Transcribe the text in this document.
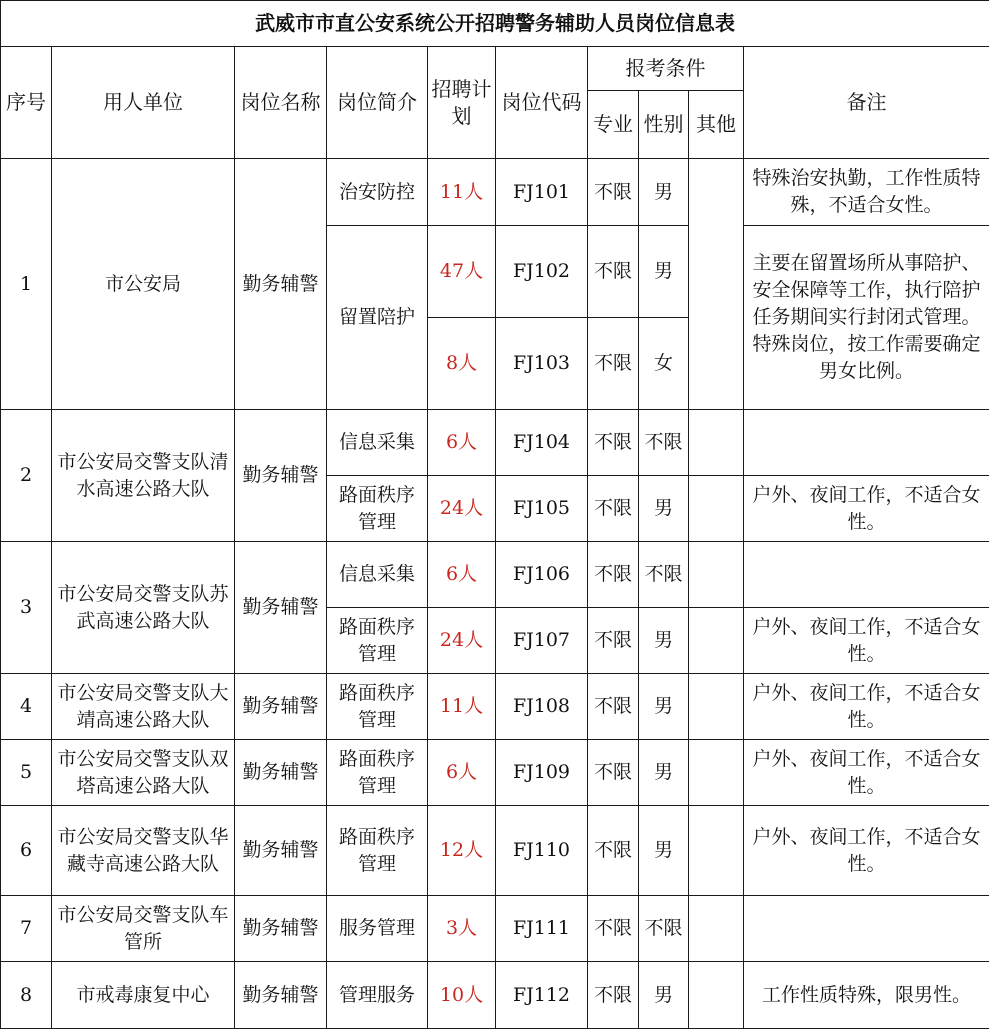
武威市市直公安系统公开招聘警务辅助人员岗位信息表									
序号	用人单位	岗位名称	岗位简介	招聘计划	岗位代码	报考条件			备注
						专业	性别	其他	
1	市公安局	勤务辅警	治安防控	11人	FJ101	不限	男		特殊治安执勤，工作性质特殊，不适合女性。
			留置陪护	47人	FJ102	不限	男		主要在留置场所从事陪护、安全保障等工作，执行陪护任务期间实行封闭式管理。特殊岗位，按工作需要确定男女比例。
				8人	FJ103	不限	女		
2	市公安局交警支队清水高速公路大队	勤务辅警	信息采集	6人	FJ104	不限	不限		
			路面秩序管理	24人	FJ105	不限	男		户外、夜间工作，不适合女性。
3	市公安局交警支队苏武高速公路大队	勤务辅警	信息采集	6人	FJ106	不限	不限		
			路面秩序管理	24人	FJ107	不限	男		户外、夜间工作，不适合女性。
4	市公安局交警支队大靖高速公路大队	勤务辅警	路面秩序管理	11人	FJ108	不限	男		户外、夜间工作，不适合女性。
5	市公安局交警支队双塔高速公路大队	勤务辅警	路面秩序管理	6人	FJ109	不限	男		户外、夜间工作，不适合女性。
6	市公安局交警支队华藏寺高速公路大队	勤务辅警	路面秩序管理	12人	FJ110	不限	男		户外、夜间工作，不适合女性。
7	市公安局交警支队车管所	勤务辅警	服务管理	3人	FJ111	不限	不限		
8	市戒毒康复中心	勤务辅警	管理服务	10人	FJ112	不限	男		工作性质特殊，限男性。
